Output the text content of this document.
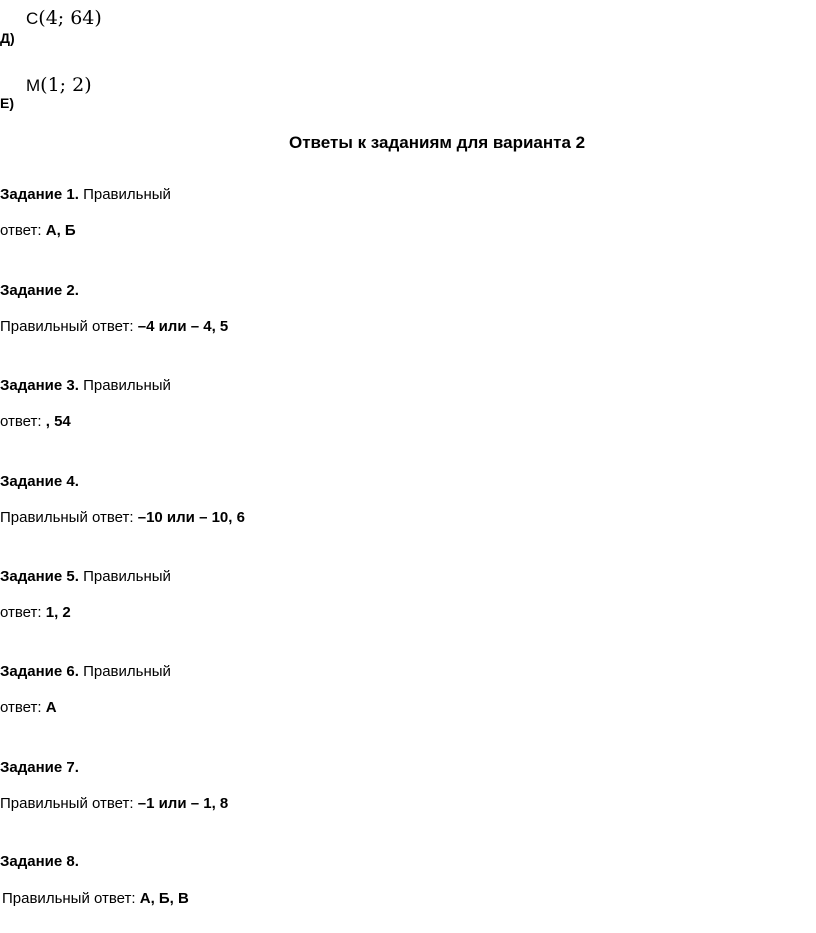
Д)
С(4; 64)
Е)
М(1; 2)
Ответы к заданиям для варианта 2
Задание 1. Правильный
ответ: А, Б
Задание 2.
Правильный ответ: –4 или – 4, 5
Задание 3. Правильный
ответ: , 54
Задание 4.
Правильный ответ: –10 или – 10, 6
Задание 5. Правильный
ответ: 1, 2
Задание 6. Правильный
ответ: А
Задание 7.
Правильный ответ: –1 или – 1, 8
Задание 8.
Правильный ответ: А, Б, В
